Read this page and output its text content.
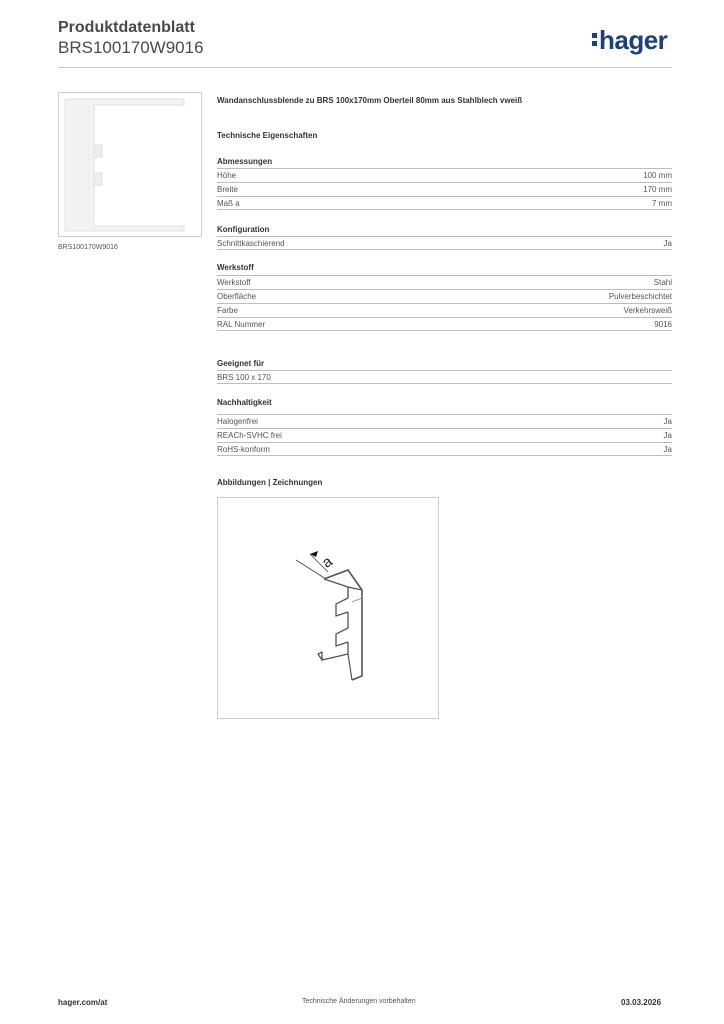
Produktdatenblatt
BRS100170W9016	hager
BRS100170W9016
Wandanschlussblende zu BRS 100x170mm Oberteil 80mm aus Stahlblech vweiß
Technische Eigenschaften
Abmessungen
Höhe	100 mm
Breite	170 mm
Maß a	7 mm
Konfiguration
Schnittkaschierend	Ja
Werkstoff
Werkstoff	Stahl
Oberfläche	Pulverbeschichtet
Farbe	Verkehrsweiß
RAL Nummer	9016
Geeignet für
BRS 100 x 170
Nachhaltigkeit
Halogenfrei	Ja
REACh-SVHC frei	Ja
RoHS-konform	Ja
Abbildungen | Zeichnungen
a
hager.com/at	Technische Änderungen vorbehalten	03.03.2026
